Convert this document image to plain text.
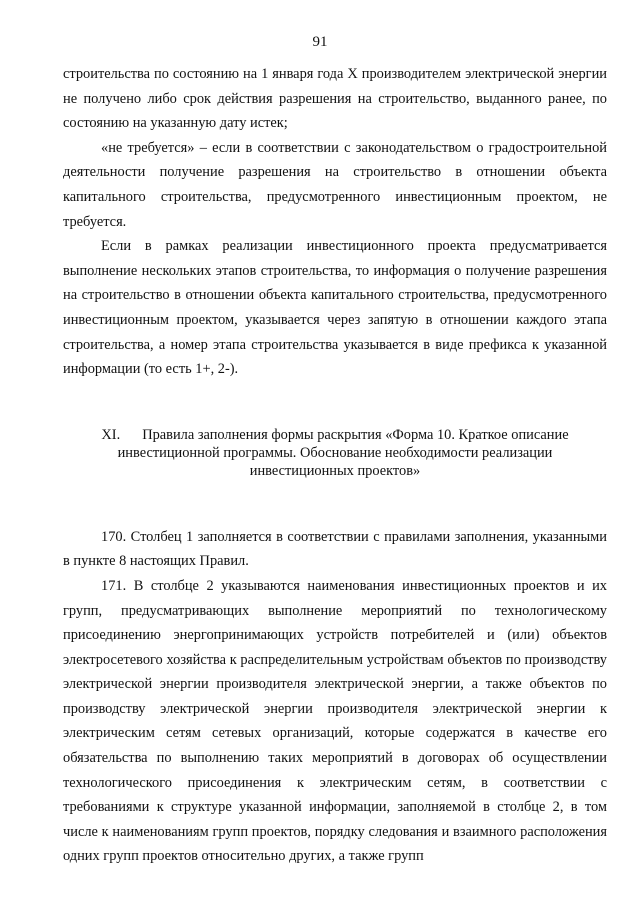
91

строительства по состоянию на 1 января года X производителем электрической энергии не получено либо срок действия разрешения на строительство, выданного ранее, по состоянию на указанную дату истек;

«не требуется» – если в соответствии с законодательством о градостроительной деятельности получение разрешения на строительство в отношении объекта капитального строительства, предусмотренного инвестиционным проектом, не требуется.

Если в рамках реализации инвестиционного проекта предусматривается выполнение нескольких этапов строительства, то информация о получение разрешения на строительство в отношении объекта капитального строительства, предусмотренного инвестиционным проектом, указывается через запятую в отношении каждого этапа строительства, а номер этапа строительства указывается в виде префикса к указанной информации (то есть 1+, 2-).

XI. Правила заполнения формы раскрытия «Форма 10. Краткое описание инвестиционной программы. Обоснование необходимости реализации инвестиционных проектов»

170. Столбец 1 заполняется в соответствии с правилами заполнения, указанными в пункте 8 настоящих Правил.

171. В столбце 2 указываются наименования инвестиционных проектов и их групп, предусматривающих выполнение мероприятий по технологическому присоединению энергопринимающих устройств потребителей и (или) объектов электросетевого хозяйства к распределительным устройствам объектов по производству электрической энергии производителя электрической энергии, а также объектов по производству электрической энергии производителя электрической энергии к электрическим сетям сетевых организаций, которые содержатся в качестве его обязательства по выполнению таких мероприятий в договорах об осуществлении технологического присоединения к электрическим сетям, в соответствии с требованиями к структуре указанной информации, заполняемой в столбце 2, в том числе к наименованиям групп проектов, порядку следования и взаимного расположения одних групп проектов относительно других, а также групп
